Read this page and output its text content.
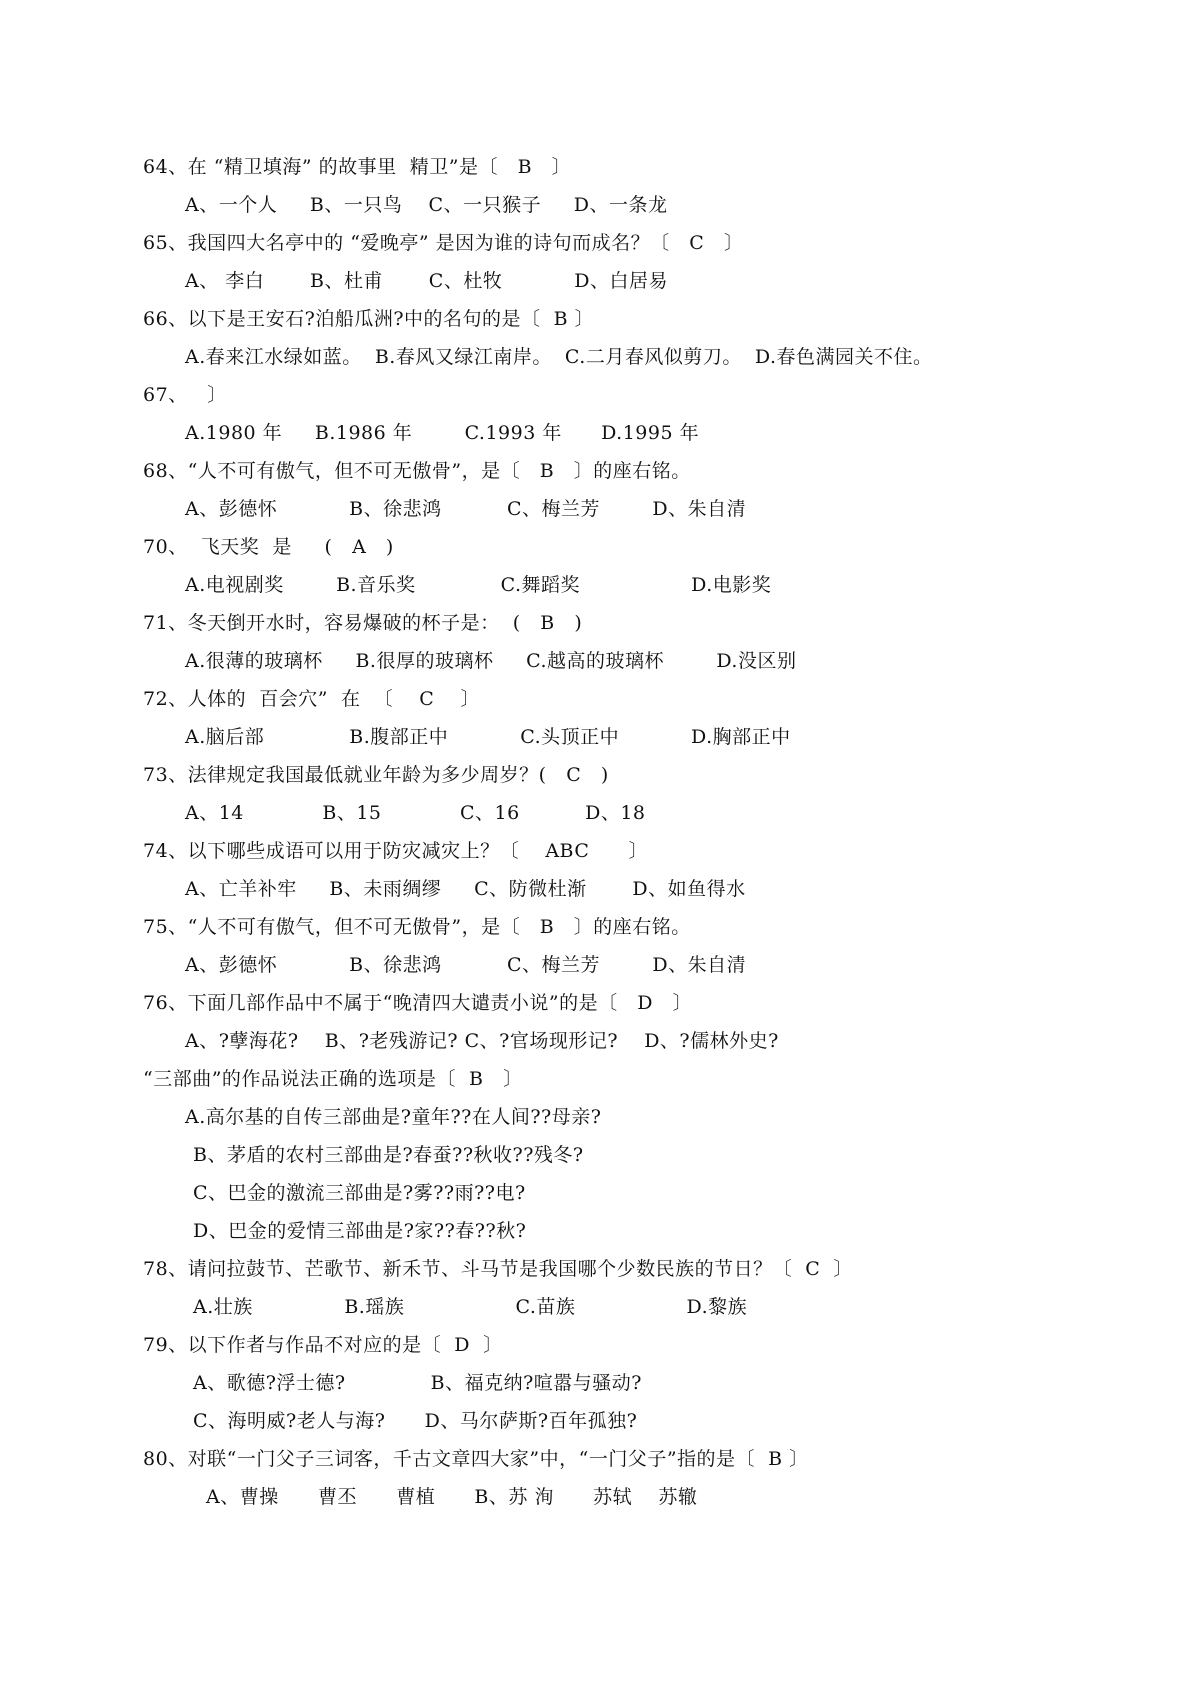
64、在 “精卫填海” 的故事里  精卫”是〔   B   〕
A、一个人     B、一只鸟    C、一只猴子     D、一条龙
65、我国四大名亭中的 “爱晚亭” 是因为谁的诗句而成名？〔   C   〕
A、 李白       B、杜甫       C、杜牧           D、白居易
66、以下是王安石?泊船瓜洲?中的名句的是〔  B 〕
A.春来江水绿如蓝。  B.春风又绿江南岸。  C.二月春风似剪刀。  D.春色满园关不住。
67、   〕
A.1980 年     B.1986 年        C.1993 年      D.1995 年
68、“人不可有傲气，但不可无傲骨”，是〔   B   〕的座右铭。
A、彭德怀           B、徐悲鸿          C、梅兰芳        D、朱自清
70、  飞天奖  是     (   A   )
A.电视剧奖        B.音乐奖             C.舞蹈奖                 D.电影奖
71、冬天倒开水时，容易爆破的杯子是：  (   B   )
A.很薄的玻璃杯     B.很厚的玻璃杯     C.越高的玻璃杯        D.没区别
72、人体的  百会穴”  在  〔    C    〕
A.脑后部             B.腹部正中           C.头顶正中           D.胸部正中
73、法律规定我国最低就业年龄为多少周岁？(   C   )
A、14            B、15            C、16          D、18
74、以下哪些成语可以用于防灾减灾上？〔    ABC      〕
A、亡羊补牢     B、未雨绸缪     C、防微杜渐       D、如鱼得水
75、“人不可有傲气，但不可无傲骨”，是〔   B   〕的座右铭。
A、彭德怀           B、徐悲鸿          C、梅兰芳        D、朱自清
76、下面几部作品中不属于“晚清四大谴责小说”的是〔   D   〕
A、?孽海花?    B、?老残游记? C、?官场现形记?    D、?儒林外史?
“三部曲”的作品说法正确的选项是〔  B   〕
A.高尔基的自传三部曲是?童年??在人间??母亲?
B、茅盾的农村三部曲是?春蚕??秋收??残冬?
C、巴金的激流三部曲是?雾??雨??电?
D、巴金的爱情三部曲是?家??春??秋?
78、请问拉鼓节、芒歌节、新禾节、斗马节是我国哪个少数民族的节日？〔  C  〕
A.壮族              B.瑶族                 C.苗族                 D.黎族
79、以下作者与作品不对应的是〔  D  〕
A、歌德?浮士德?             B、福克纳?喧嚣与骚动?
C、海明威?老人与海?      D、马尔萨斯?百年孤独?
80、对联“一门父子三词客，千古文章四大家”中，“一门父子”指的是〔  B 〕
A、曹操      曹丕      曹植      B、苏 洵      苏轼    苏辙
